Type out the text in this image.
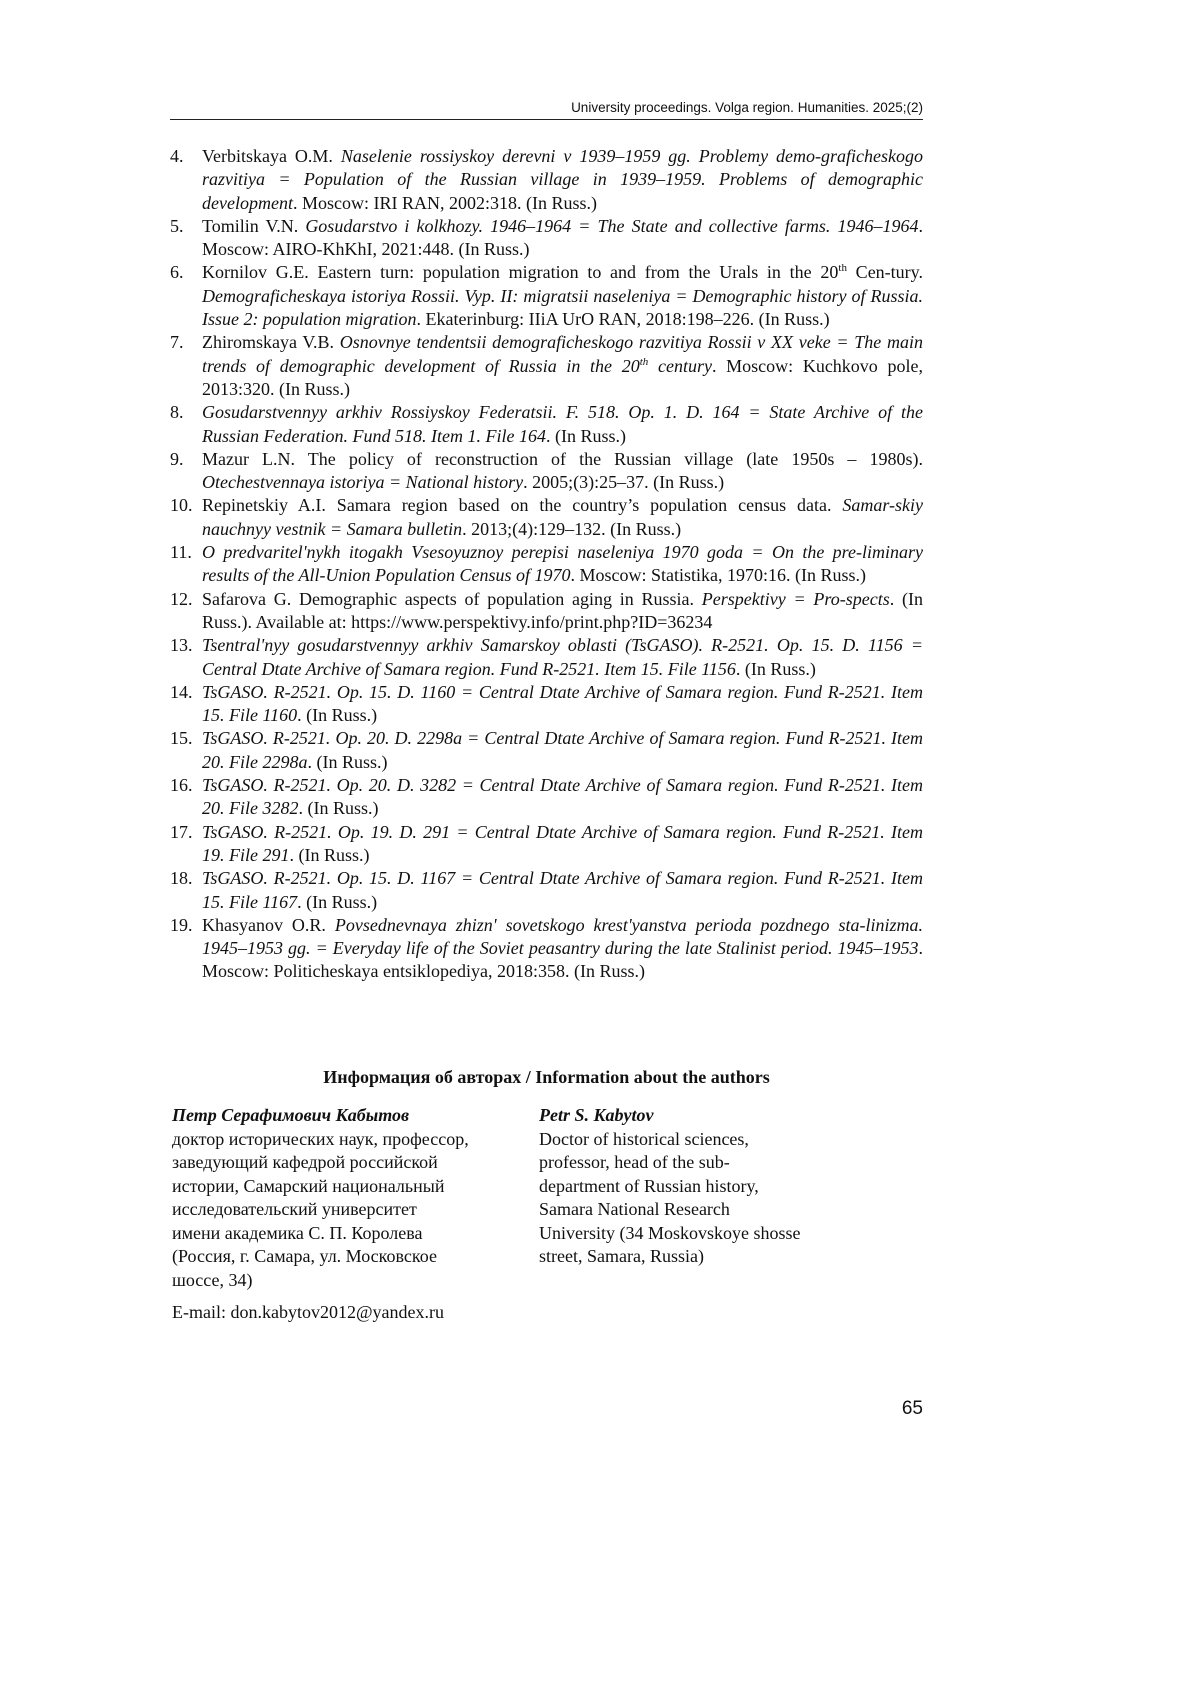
University proceedings. Volga region. Humanities. 2025;(2)
4.	Verbitskaya O.M. Naselenie rossiyskoy derevni v 1939–1959 gg. Problemy demo-graficheskogo razvitiya = Population of the Russian village in 1939–1959. Problems of demographic development. Moscow: IRI RAN, 2002:318. (In Russ.)
5.	Tomilin V.N. Gosudarstvo i kolkhozy. 1946–1964 = The State and collective farms. 1946–1964. Moscow: AIRO-KhKhI, 2021:448. (In Russ.)
6.	Kornilov G.E. Eastern turn: population migration to and from the Urals in the 20th Cen-tury. Demograficheskaya istoriya Rossii. Vyp. II: migratsii naseleniya = Demographic history of Russia. Issue 2: population migration. Ekaterinburg: IIiA UrO RAN, 2018:198–226. (In Russ.)
7.	Zhiromskaya V.B. Osnovnye tendentsii demograficheskogo razvitiya Rossii v XX veke = The main trends of demographic development of Russia in the 20th century. Moscow: Kuchkovo pole, 2013:320. (In Russ.)
8.	Gosudarstvennyy arkhiv Rossiyskoy Federatsii. F. 518. Op. 1. D. 164 = State Archive of the Russian Federation. Fund 518. Item 1. File 164. (In Russ.)
9.	Mazur L.N. The policy of reconstruction of the Russian village (late 1950s – 1980s). Otechestvennaya istoriya = National history. 2005;(3):25–37. (In Russ.)
10. Repinetskiy A.I. Samara region based on the country’s population census data. Samar-skiy nauchnyy vestnik = Samara bulletin. 2013;(4):129–132. (In Russ.)
11. O predvaritel'nykh itogakh Vsesoyuznoy perepisi naseleniya 1970 goda = On the pre-liminary results of the All-Union Population Census of 1970. Moscow: Statistika, 1970:16. (In Russ.)
12. Safarova G. Demographic aspects of population aging in Russia. Perspektivy = Pro-spects. (In Russ.). Available at: https://www.perspektivy.info/print.php?ID=36234
13. Tsentral'nyy gosudarstvennyy arkhiv Samarskoy oblasti (TsGASO). R-2521. Op. 15. D. 1156 = Central Dtate Archive of Samara region. Fund R-2521. Item 15. File 1156. (In Russ.)
14. TsGASO. R-2521. Op. 15. D. 1160 = Central Dtate Archive of Samara region. Fund R-2521. Item 15. File 1160. (In Russ.)
15. TsGASO. R-2521. Op. 20. D. 2298a = Central Dtate Archive of Samara region. Fund R-2521. Item 20. File 2298a. (In Russ.)
16. TsGASO. R-2521. Op. 20. D. 3282 = Central Dtate Archive of Samara region. Fund R-2521. Item 20. File 3282. (In Russ.)
17. TsGASO. R-2521. Op. 19. D. 291 = Central Dtate Archive of Samara region. Fund R-2521. Item 19. File 291. (In Russ.)
18. TsGASO. R-2521. Op. 15. D. 1167 = Central Dtate Archive of Samara region. Fund R-2521. Item 15. File 1167. (In Russ.)
19. Khasyanov O.R. Povsednevnaya zhizn' sovetskogo krest'yanstva perioda pozdnego sta-linizma. 1945–1953 gg. = Everyday life of the Soviet peasantry during the late Stalinist period. 1945–1953. Moscow: Politicheskaya entsiklopediya, 2018:358. (In Russ.)
Информация об авторах / Information about the authors
Петр Серафимович Кабытов
доктор исторических наук, профессор,
заведующий кафедрой российской
истории, Самарский национальный
исследовательский университет
имени академика С. П. Королева
(Россия, г. Самара, ул. Московское
шоссе, 34)
Petr S. Kabytov
Doctor of historical sciences,
professor, head of the sub-
department of Russian history,
Samara National Research
University (34 Moskovskoye shosse
street, Samara, Russia)
E-mail: don.kabytov2012@yandex.ru
65
